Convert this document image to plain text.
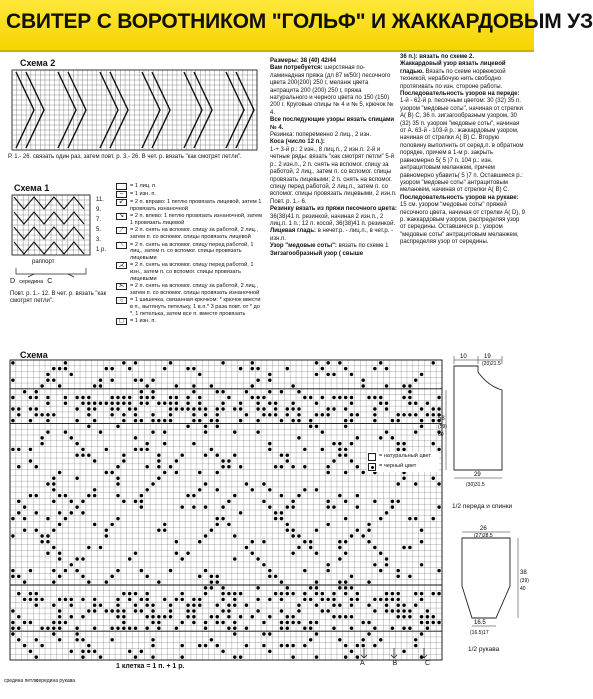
СВИТЕР С ВОРОТНИКОМ "ГОЛЬФ" И ЖАККАРДОВЫМ УЗ
Схема 2
Р. 1.- 26. связать один раз, затем повт. р. 3.- 26. В чет. р. вязать "как смотрят петли".
Схема 1
11.
9.
7.
5.
3.
1 р.
раппорт
D середина C
Повт. р. 1.- 12. В чет. р. вязать "как смотрят петли".
= 1 лиц. п.
–	= 1 изн. п.
↙	= 2 п. вправо: 1 петлю провязать лицевой, затем 1 провязать изнаночной
↘	= 2 п. влево: 1 петлю провязать изнаночной, затем 1 провязать лицевой
⟋	= 2 п. снять на вспомог. спицу за работой, 2 лиц., затем п. со вспомог. спицы провязать лицевой
⟍	= 2 п. снять на вспомог. спицу перед работой, 1 лиц., затем п. со вспомог. спицы провязать лицевыми
⋌ = 2 п. снять на вспомог. спицу перед работой, 1 изн., затем п. со вспомог. спицы провязать лицевыми
⋋ = 2 п. снять на вспомог. спицу за работой, 2 лиц., затем п. со вспомог. спицы провязать изнаночной
○	= 1 шишечка, связанная крючком: * крючок ввести в п., вытянуть петельку, 1 в.п.* 3 раза повт. от * до *, 1 петелька, затем все п. вместе провязать
◻	= 1 изн. п.
Размеры: 38 (40) 42/44
Вам потребуется: шерстяная по-ламинадная пряжа (дл 87 м/50г) песочного цвета 200(200) 250 г, меланж цвета антрацита 200 (200) 250 г, пряжа натурального и черного цвета по 150 (150) 200 г. Круговые спицы № 4 и № 5, крючок № 4.
Все последующие узоры вязать спицами № 4.
Резинка: попеременно 2 лиц., 2 изн.
Коса (число 12 п.):
1-+ 3-й р.: 2 изн., 8 лиц.п., 2 изн.п. 2-й и четные ряды: вязать "как смотрят петли" 5-й р.: 2 изн.п., 2 п. снять на вспомог. спицу за работой, 2 лиц., затем п. со вспомог. спицы провязать лицевыми; 2 п. снять на вспомог. спицу перед работой, 2 лиц.п., затем п. со вспомог. спицы провязать лицевыми, 2 изн.п. Повт. р. 1.- 6.
Резинку вязать из пряжи песочного цвета: 36(38)41 п. резинкой, начиная 2 изн.п., 2 лиц.п. 1 п.; 12 п. косой, 36(38)41 п. резинкой.
Лицевая гладь: в нечет.р. - лиц.п., в чет.р. - изн.п.
Узор "медовые соты": вязать по схеме 1
Зигзагообразный узор ( свыше
36 п.): вязать по схеме 2.
Жаккардовый узор вязать лицевой гладью. Вязать по схеме норвежской техникой, нерабочую нить свободно протягивать по изн. стороне работы.
Последовательность узоров на переде:
1-й - 62-й р. песочным цветом: 30 (32) 35 п. узором "медовые соты", начиная от стрелки A( B) C, 36 п. зигзагообразным узором, 30 (32) 35 п. узором "медовые соты", начиная от A. 63-й - 103-й р.: жаккардовым узором, начиная от стрелки A( B) C. Вторую половину выполнить от серед.п. в обратном порядке, причем в 1-м р. закрыть равномерно 5( 5 )7 п. 104 р.: изн. антрацитовым меланжем, причем равномерно убавить( 5 )7 п. Оставшиеся р.: узором "медовые соты" антрацитовым меланжем, начиная от стрелки A( B) C.
Последовательность узоров на рукаве:
15 см. узором "медовые соты" пряжей песочного цвета, начиная от стрелки A( D), 9 р. жаккардовым узором, распределяя узор от середины. Оставшиеся р.: узором "медовые соты" антрацитовым меланжем, распределяя узор от середины.
Схема
= натуральный цвет
= черный цвет
1 клетка = 1 п. + 1 р.
средина петли
середина рукава
A	B	C
10	19
(20)21.5
58
(59)
60
29
(30)31.5
1/2 переда и спинки
26
(27)28.5
38
(39)
40
16.5
(16.5)17
1/2 рукава
